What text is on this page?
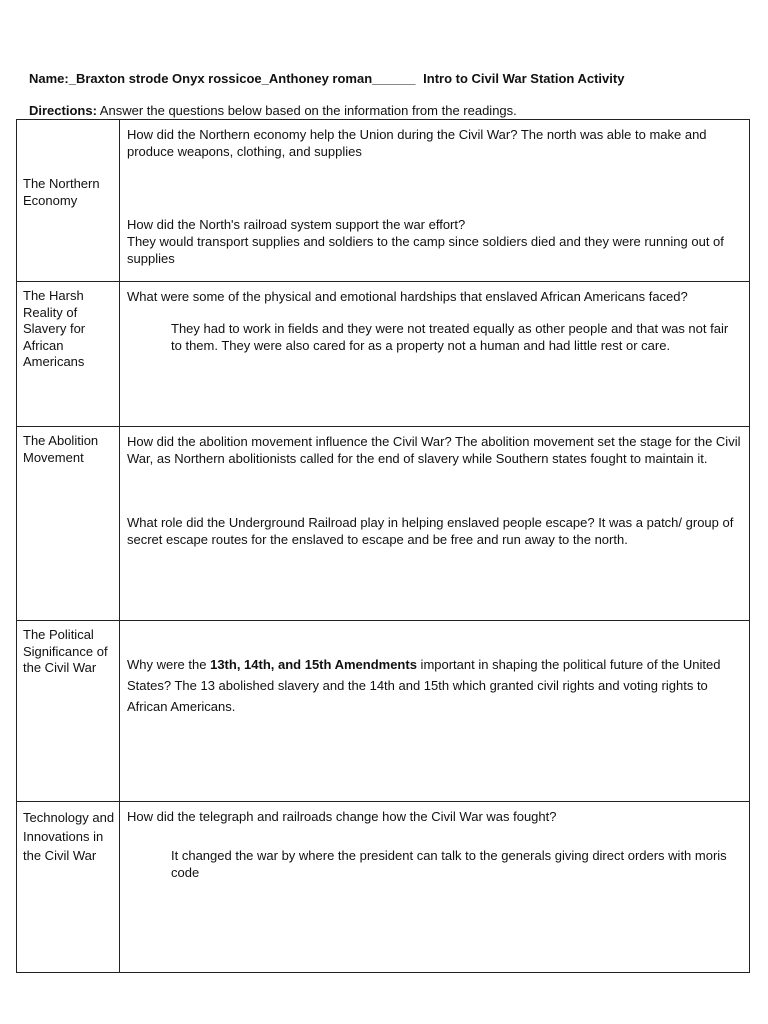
Name:_Braxton strode Onyx rossicoe_Anthoney roman______ Intro to Civil War Station Activity
Directions: Answer the questions below based on the information from the readings.
The Northern Economy	How did the Northern economy help the Union during the Civil War? The north was able to make and produce weapons, clothing, and supplies

How did the North's railroad system support the war effort?

They would transport supplies and soldiers to the camp since soldiers died and they were running out of supplies

The Harsh Reality of Slavery for African Americans	What were some of the physical and emotional hardships that enslaved African Americans faced?

They had to work in fields and they were not treated equally as other people and that was not fair to them. They were also cared for as a property not a human and had little rest or care.

The Abolition Movement	How did the abolition movement influence the Civil War? The abolition movement set the stage for the Civil War, as Northern abolitionists called for the end of slavery while Southern states fought to maintain it.

What role did the Underground Railroad play in helping enslaved people escape? It was a patch/ group of secret escape routes for the enslaved to escape and be free and run away to the north.

The Political Significance of the Civil War	Why were the 13th, 14th, and 15th Amendments important in shaping the political future of the United States? The 13 abolished slavery and the 14th and 15th which granted civil rights and voting rights to African Americans.

Technology and Innovations in the Civil War	How did the telegraph and railroads change how the Civil War was fought?

It changed the war by where the president can talk to the generals giving direct orders with moris code
